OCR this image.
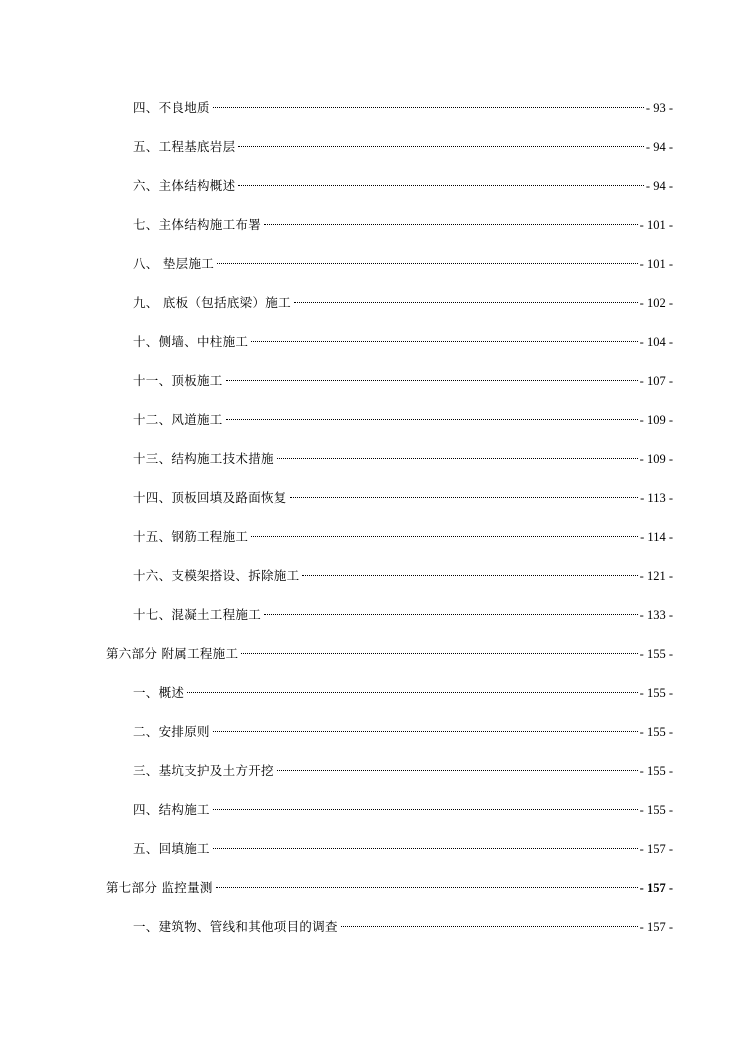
四、不良地质	- 93 -
五、工程基底岩层	- 94 -
六、主体结构概述	- 94 -
七、主体结构施工布署	- 101 -
八、 垫层施工	- 101 -
九、 底板（包括底梁）施工	- 102 -
十、侧墙、中柱施工	- 104 -
十一、顶板施工	- 107 -
十二、风道施工	- 109 -
十三、结构施工技术措施	- 109 -
十四、顶板回填及路面恢复	- 113 -
十五、钢筋工程施工	- 114 -
十六、支模架搭设、拆除施工	- 121 -
十七、混凝土工程施工	- 133 -
第六部分 附属工程施工	- 155 -
一、概述	- 155 -
二、安排原则	- 155 -
三、基坑支护及土方开挖	- 155 -
四、结构施工	- 155 -
五、回填施工	- 157 -
第七部分 监控量测	- 157 -
一、建筑物、管线和其他项目的调查	- 157 -
